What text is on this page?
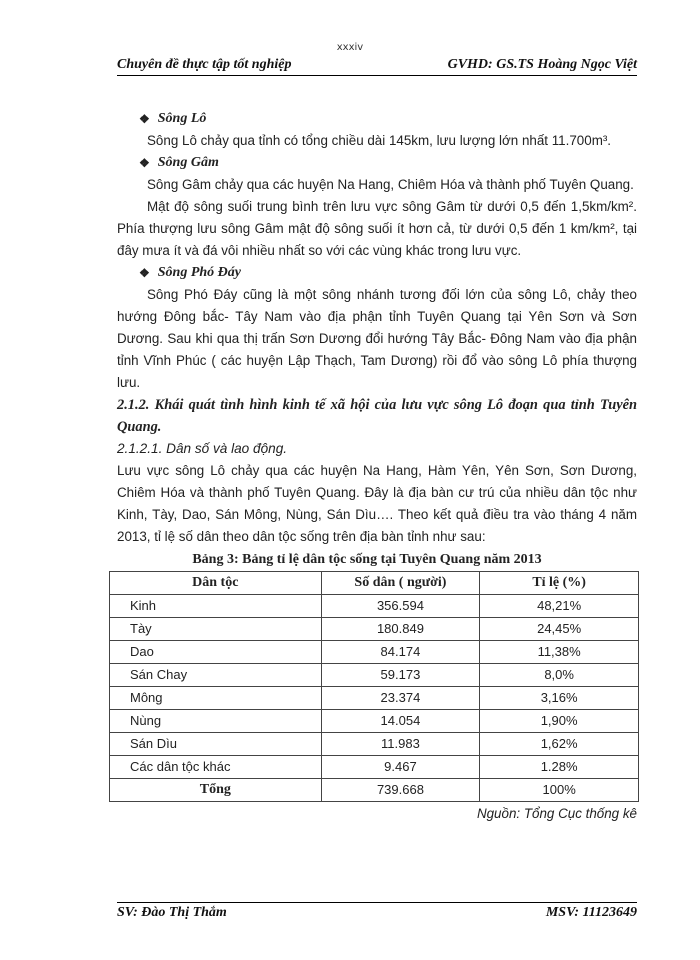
xxxiv
Chuyên đề thực tập tốt nghiệp	GVHD: GS.TS Hoàng Ngọc Việt
❖ Sông Lô

Sông Lô chảy qua tỉnh có tổng chiều dài 145km, lưu lượng lớn nhất 11.700m³.

❖ Sông Gâm

Sông Gâm chảy qua các huyện Na Hang, Chiêm Hóa và thành phố Tuyên Quang.

Mật độ sông suối trung bình trên lưu vực sông Gâm từ dưới 0,5 đến 1,5km/km². Phía thượng lưu sông Gâm mật độ sông suối ít hơn cả, từ dưới 0,5 đến 1 km/km², tại đây mưa ít và đá vôi nhiều nhất so với các vùng khác trong lưu vực.

❖ Sông Phó Đáy

Sông Phó Đáy cũng là một sông nhánh tương đối lớn của sông Lô, chảy theo hướng Đông bắc- Tây Nam vào địa phận tỉnh Tuyên Quang tại Yên Sơn và Sơn Dương. Sau khi qua thị trấn Sơn Dương đổi hướng Tây Bắc- Đông Nam vào địa phận tỉnh Vĩnh Phúc ( các huyện Lập Thạch, Tam Dương) rồi đổ vào sông Lô phía thượng lưu.

2.1.2. Khái quát tình hình kinh tế xã hội của lưu vực sông Lô đoạn qua tỉnh Tuyên Quang.

2.1.2.1. Dân số và lao động.

Lưu vực sông Lô chảy qua các huyện Na Hang, Hàm Yên, Yên Sơn, Sơn Dương, Chiêm Hóa và thành phố Tuyên Quang. Đây là địa bàn cư trú của nhiều dân tộc như Kinh, Tày, Dao, Sán Mông, Nùng, Sán Dìu…. Theo kết quả điều tra vào tháng 4 năm 2013, tỉ lệ số dân theo dân tộc sống trên địa bàn tỉnh như sau:

Bảng 3: Bảng tỉ lệ dân tộc sống tại Tuyên Quang năm 2013
Dân tộc	Số dân ( người)	Tỉ lệ (%)
Kinh	356.594	48,21%
Tày	180.849	24,45%
Dao	84.174	11,38%
Sán Chay	59.173	8,0%
Mông	23.374	3,16%
Nùng	14.054	1,90%
Sán Dìu	11.983	1,62%
Các dân tộc khác	9.467	1.28%
Tổng	739.668	100%
Nguồn: Tổng Cục thống kê
SV: Đào Thị Thắm	MSV: 11123649
